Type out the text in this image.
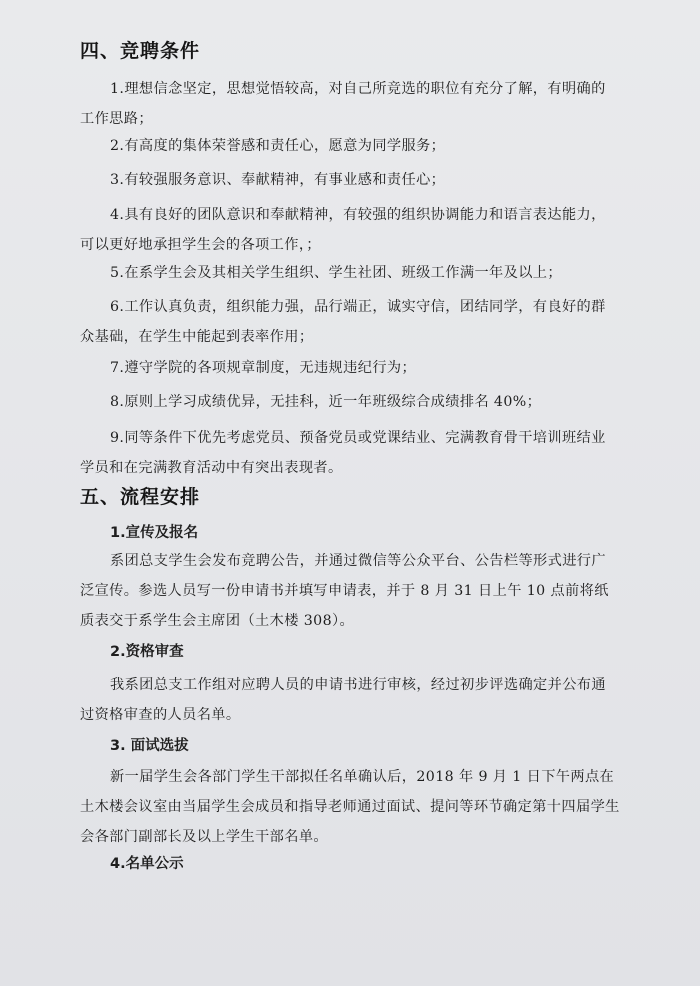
四、竞聘条件

1.理想信念坚定，思想觉悟较高，对自己所竞选的职位有充分了解，有明确的工作思路；

2.有高度的集体荣誉感和责任心，愿意为同学服务；

3.有较强服务意识、奉献精神，有事业感和责任心；

4.具有良好的团队意识和奉献精神，有较强的组织协调能力和语言表达能力，可以更好地承担学生会的各项工作，；

5.在系学生会及其相关学生组织、学生社团、班级工作满一年及以上；

6.工作认真负责，组织能力强，品行端正，诚实守信，团结同学，有良好的群众基础，在学生中能起到表率作用；

7.遵守学院的各项规章制度，无违规违纪行为；

8.原则上学习成绩优异，无挂科，近一年班级综合成绩排名 40%；

9.同等条件下优先考虑党员、预备党员或党课结业、完满教育骨干培训班结业学员和在完满教育活动中有突出表现者。

五、流程安排
1.宣传及报名

系团总支学生会发布竞聘公告，并通过微信等公众平台、公告栏等形式进行广泛宣传。参选人员写一份申请书并填写申请表，并于 8 月 31 日上午 10 点前将纸质表交于系学生会主席团（土木楼 308）。

2.资格审查

我系团总支工作组对应聘人员的申请书进行审核，经过初步评选确定并公布通过资格审查的人员名单。

3. 面试选拔

新一届学生会各部门学生干部拟任名单确认后，2018 年 9 月 1 日下午两点在土木楼会议室由当届学生会成员和指导老师通过面试、提问等环节确定第十四届学生会各部门副部长及以上学生干部名单。

4.名单公示
